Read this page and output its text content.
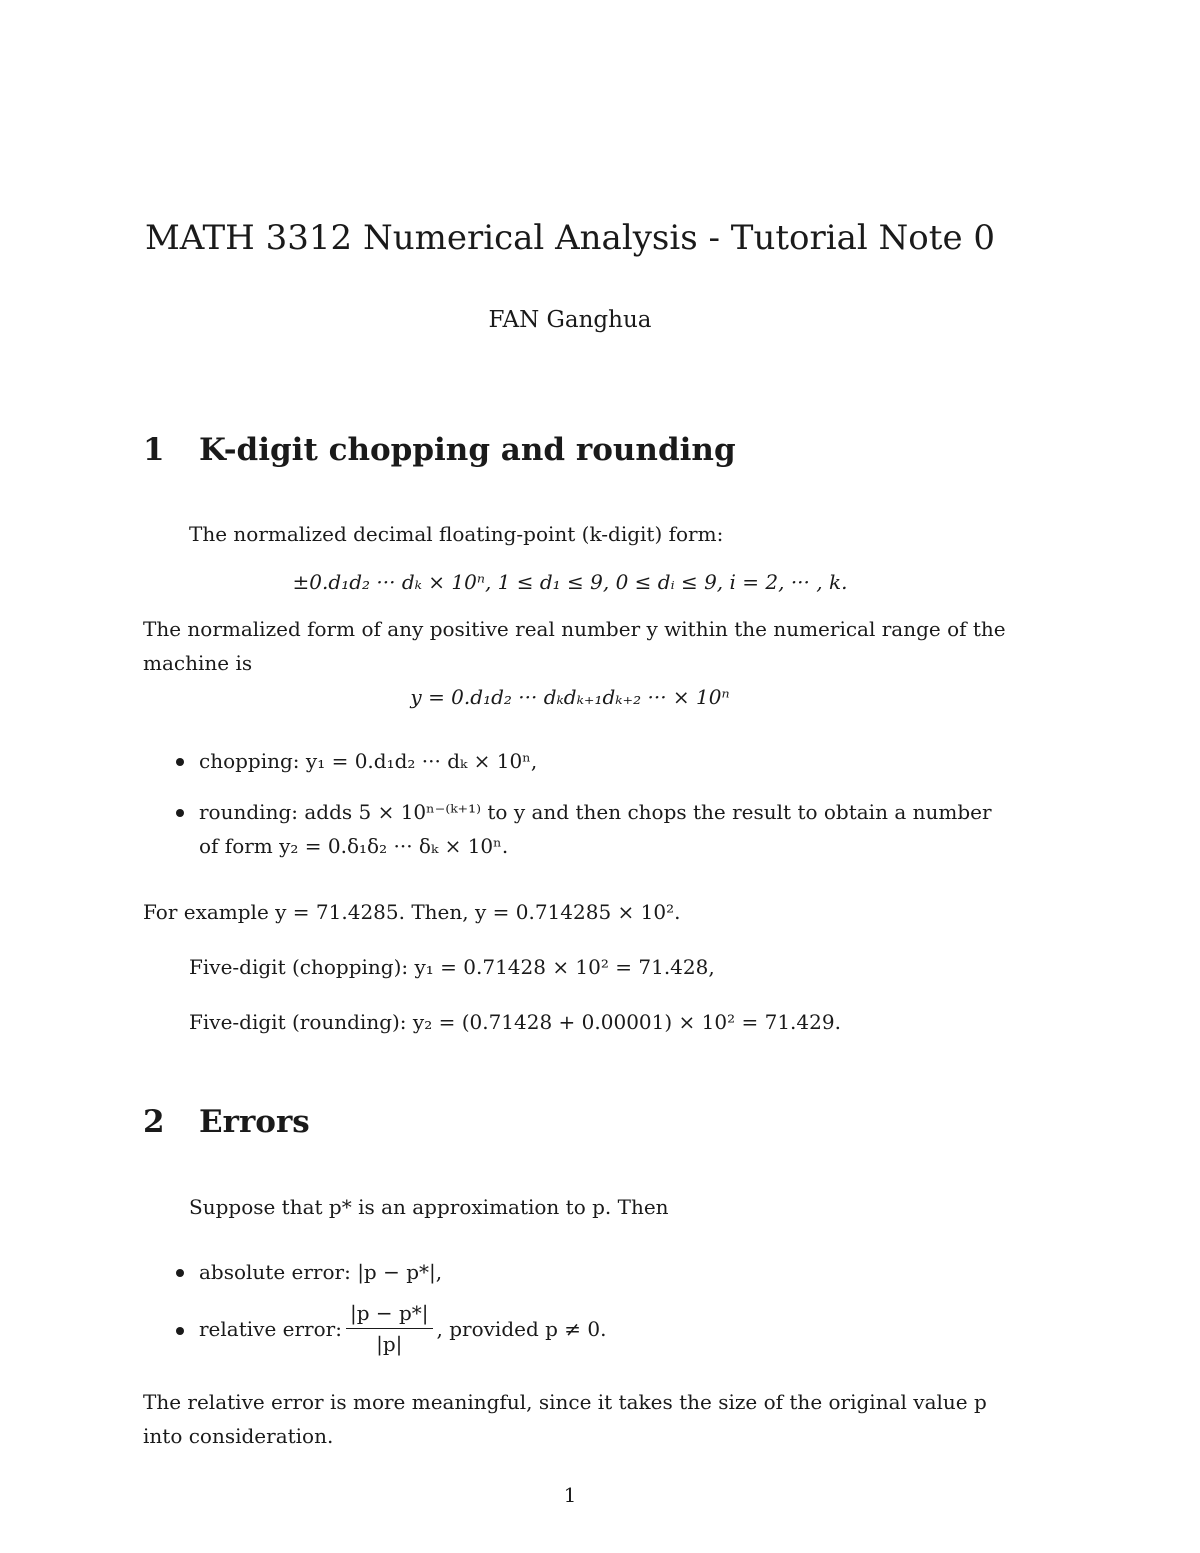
MATH 3312 Numerical Analysis - Tutorial Note 0
FAN Ganghua
1 K-digit chopping and rounding
The normalized decimal floating-point (k-digit) form:
±0.d₁d₂ ··· dₖ × 10ⁿ, 1 ≤ d₁ ≤ 9, 0 ≤ dᵢ ≤ 9, i = 2, ··· , k.
The normalized form of any positive real number y within the numerical range of the
machine is
y = 0.d₁d₂ ··· dₖdₖ₊₁dₖ₊₂ ··· × 10ⁿ
chopping: y₁ = 0.d₁d₂ ··· dₖ × 10ⁿ,
rounding: adds 5 × 10ⁿ⁻⁽ᵏ⁺¹⁾ to y and then chops the result to obtain a number
of form y₂ = 0.δ₁δ₂ ··· δₖ × 10ⁿ.
For example y = 71.4285. Then, y = 0.714285 × 10².
Five-digit (chopping): y₁ = 0.71428 × 10² = 71.428,
Five-digit (rounding): y₂ = (0.71428 + 0.00001) × 10² = 71.429.
2 Errors
Suppose that p* is an approximation to p. Then
absolute error: |p − p*|,
relative error: $\frac{|p - p*|}{|p|}$ , provided p ≠ 0.
The relative error is more meaningful, since it takes the size of the original value p
into consideration.
1
